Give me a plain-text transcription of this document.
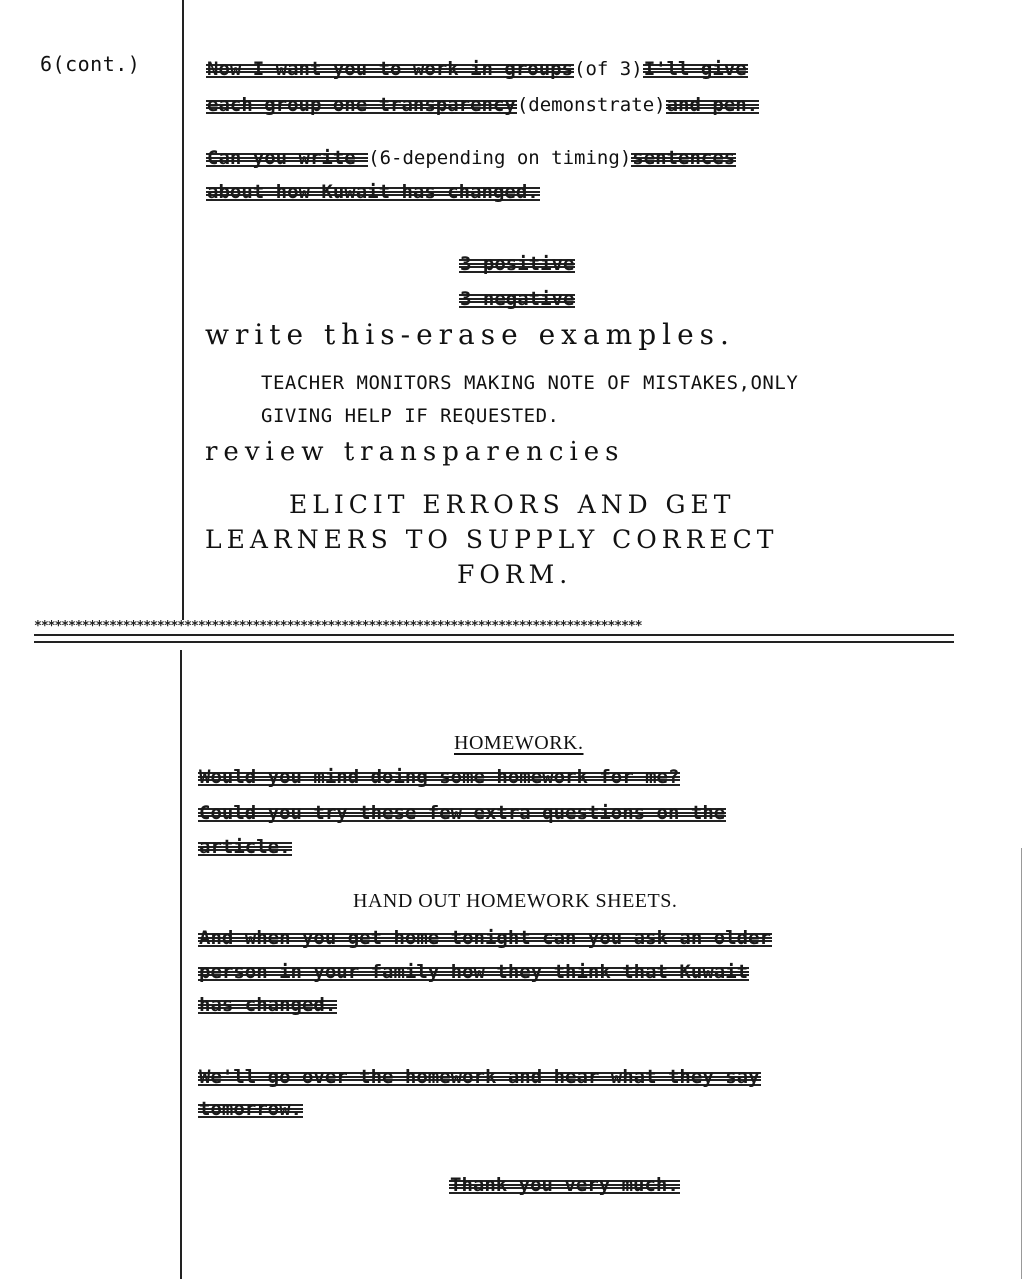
6(cont.)	Now I want you to work in groups(of 3)I'll give
each group one transparency(demonstrate)and pen.
Can you write (6-depending on timing)sentences
about how Kuwait has changed.
3 positive
3 negative
write this-erase examples.
TEACHER MONITORS MAKING NOTE OF MISTAKES,ONLY
GIVING HELP IF REQUESTED.
review transparencies
ELICIT ERRORS AND GET
LEARNERS TO SUPPLY CORRECT
FORM.
*****************************************************************************************
HOMEWORK.
Would you mind doing some homework for me?
Could you try these few extra questions on the
article.
HAND OUT HOMEWORK SHEETS.
And when you get home tonight can you ask an older
person in your family how they think that Kuwait
has changed.
We'll go over the homework and hear what they say
tomorrow.
Thank you very much.
